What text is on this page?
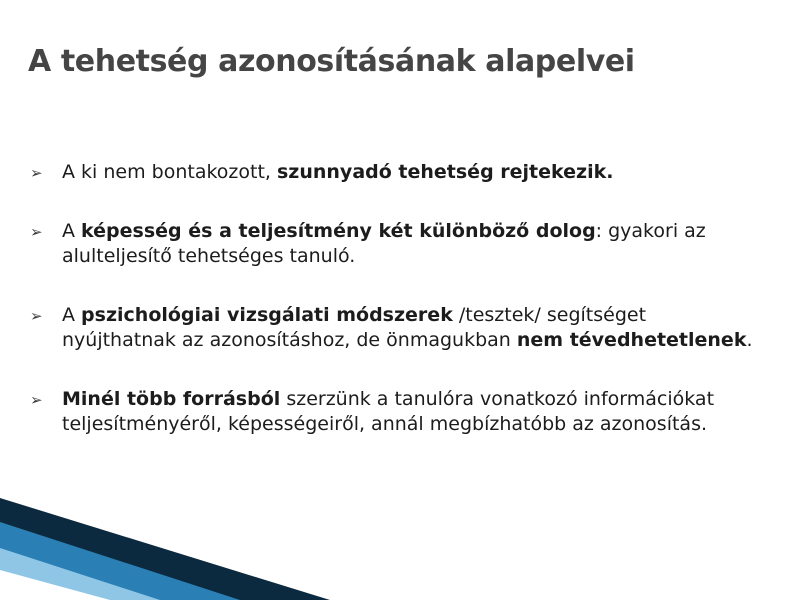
A tehetség azonosításának alapelvei
➢ A ki nem bontakozott, szunnyadó tehetség rejtekezik.
➢ A képesség és a teljesítmény két különböző dolog: gyakori az alulteljesítő tehetséges tanuló.
➢ A pszichológiai vizsgálati módszerek /tesztek/ segítséget nyújthatnak az azonosításhoz, de önmagukban nem tévedhetetlenek.
➢ Minél több forrásból szerzünk a tanulóra vonatkozó információkat teljesítményéről, képességeiről, annál megbízhatóbb az azonosítás.
